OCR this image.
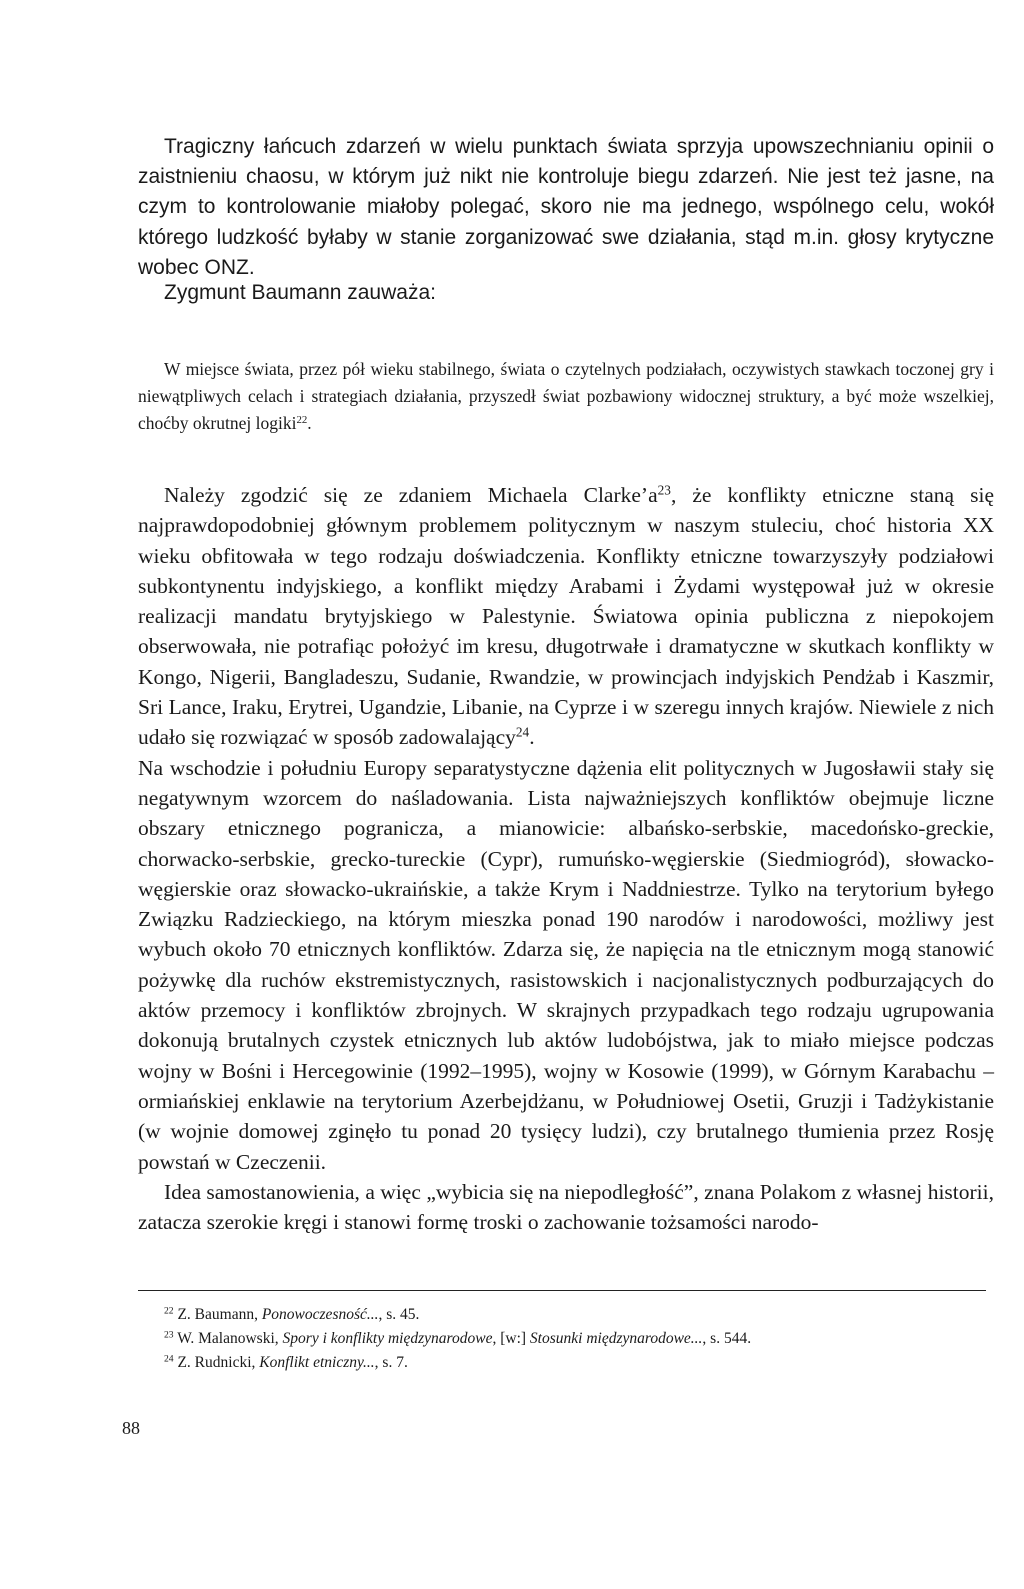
Tragiczny łańcuch zdarzeń w wielu punktach świata sprzyja upowszechnianiu opinii o zaistnieniu chaosu, w którym już nikt nie kontroluje biegu zdarzeń. Nie jest też jasne, na czym to kontrolowanie miałoby polegać, skoro nie ma jednego, wspólnego celu, wokół którego ludzkość byłaby w stanie zorganizować swe działania, stąd m.in. głosy krytyczne wobec ONZ.
Zygmunt Baumann zauważa:
W miejsce świata, przez pół wieku stabilnego, świata o czytelnych podziałach, oczywistych stawkach toczonej gry i niewątpliwych celach i strategiach działania, przyszedł świat pozbawiony widocznej struktury, a być może wszelkiej, choćby okrutnej logiki$^{22}$.

Należy zgodzić się ze zdaniem Michaela $Clarke’a^{23}$, że konflikty etniczne staną się najprawdopodobniej głównym problemem politycznym w naszym stuleciu, choć historia XX wieku obfitowała w tego rodzaju doświadczenia. Konflikty etniczne towarzyszyły podziałowi subkontynentu indyjskiego, a konflikt między Arabami i Żydami występował już w okresie realizacji mandatu brytyjskiego w Palestynie. Światowa opinia publiczna z niepokojem obserwowała, nie potrafiąc położyć im kresu, długotrwałe i dramatyczne w skutkach konflikty w Kongo, Nigerii, Bangladeszu, Sudanie, Rwandzie, w prowincjach indyjskich Pendżab i Kaszmir, Sri Lance, Iraku, Erytrei, Ugandzie, Libanie, na Cyprze i w szeregu innych krajów. Niewiele z nich udało się rozwiązać w sposób zadowalający$^{24}$.

Na wschodzie i południu Europy separatystyczne dążenia elit politycznych w Jugosławii stały się negatywnym wzorcem do naśladowania. Lista najważniejszych konfliktów obejmuje liczne obszary etnicznego pogranicza, a mianowicie: albańsko-serbskie, macedońsko-greckie, chorwacko-serbskie, grecko-tureckie (Cypr), rumuńsko-węgierskie (Siedmiogród), słowacko-węgierskie oraz słowacko-ukraińskie, a także Krym i Naddniestrze. Tylko na terytorium byłego Związku Radzieckiego, na którym mieszka ponad 190 narodów i narodowości, możliwy jest wybuch około 70 etnicznych konfliktów. Zdarza się, że napięcia na tle etnicznym mogą stanowić pożywkę dla ruchów ekstremistycznych, rasistowskich i nacjonalistycznych podburzających do aktów przemocy i konfliktów zbrojnych. W skrajnych przypadkach tego rodzaju ugrupowania dokonują brutalnych czystek etnicznych lub aktów ludobójstwa, jak to miało miejsce podczas wojny w Bośni i Hercegowinie (1992–1995), wojny w Kosowie (1999), w Górnym Karabachu – ormiańskiej enklawie na terytorium Azerbejdżanu, w Południowej Osetii, Gruzji i Tadżykistanie (w wojnie domowej zginęło tu ponad 20 tysięcy ludzi), czy brutalnego tłumienia przez Rosję powstań w Czeczenii.

Idea samostanowienia, a więc „wybicia się na niepodległość”, znana Polakom z własnej historii, zatacza szerokie kręgi i stanowi formę troski o zachowanie tożsamości narodo-

$^{22}$ Z. Baumann, Ponowoczesność..., s. 45.
$^{23}$ W. Malanowski, Spory i konflikty międzynarodowe, [w:] Stosunki międzynarodowe..., s. 544.
$^{24}$ Z. Rudnicki, Konflikt etniczny..., s. 7.
88
